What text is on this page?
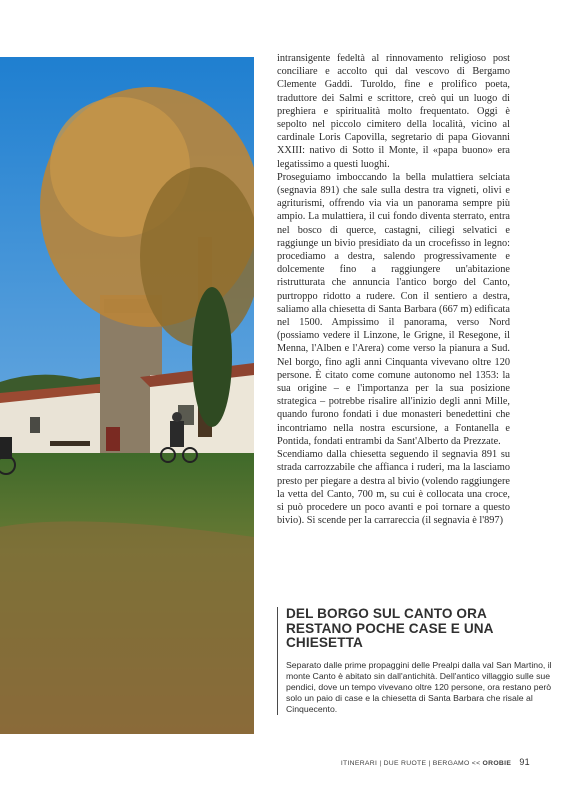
intransigente fedeltà al rinnovamento religioso post conciliare e accolto qui dal vescovo di Bergamo Clemente Gaddi. Turoldo, fine e prolifico poeta, traduttore dei Salmi e scrittore, creò qui un luogo di preghiera e spiritualità molto frequentato. Oggi è sepolto nel piccolo cimitero della località, vicino al cardinale Loris Capovilla, segretario di papa Giovanni XXIII: nativo di Sotto il Monte, il «papa buono» era legatissimo a questi luoghi.

Proseguiamo imboccando la bella mulattiera selciata (segnavia 891) che sale sulla destra tra vigneti, olivi e agriturismi, offrendo via via un panorama sempre più ampio. La mulattiera, il cui fondo diventa sterrato, entra nel bosco di querce, castagni, ciliegi selvatici e raggiunge un bivio presidiato da un crocefisso in legno: procediamo a destra, salendo progressivamente e dolcemente fino a raggiungere un'abitazione ristrutturata che annuncia l'antico borgo del Canto, purtroppo ridotto a rudere. Con il sentiero a destra, saliamo alla chiesetta di Santa Barbara (667 m) edificata nel 1500. Ampissimo il panorama, verso Nord (possiamo vedere il Linzone, le Grigne, il Resegone, il Menna, l'Alben e l'Arera) come verso la pianura a Sud. Nel borgo, fino agli anni Cinquanta vivevano oltre 120 persone. È citato come comune autonomo nel 1353: la sua origine – e l'importanza per la sua posizione strategica – potrebbe risalire all'inizio degli anni Mille, quando furono fondati i due monasteri benedettini che incontriamo nella nostra escursione, a Fontanella e Pontida, fondati entrambi da Sant'Alberto da Prezzate.

Scendiamo dalla chiesetta seguendo il segnavia 891 su strada carrozzabile che affianca i ruderi, ma la lasciamo presto per piegare a destra al bivio (volendo raggiungere la vetta del Canto, 700 m, su cui è collocata una croce, si può procedere un poco avanti e poi tornare a questo bivio). Si scende per la carrareccia (il segnavia è l'897)

DEL BORGO SUL CANTO ORA RESTANO POCHE CASE E UNA CHIESETTA
Separato dalle prime propaggini delle Prealpi dalla val San Martino, il monte Canto è abitato sin dall'antichità. Dell'antico villaggio sulle sue pendici, dove un tempo vivevano oltre 120 persone, ora restano però solo un paio di case e la chiesetta di Santa Barbara che risale al Cinquecento.
ITINERARI | DUE RUOTE | BERGAMO << OROBIE 91
